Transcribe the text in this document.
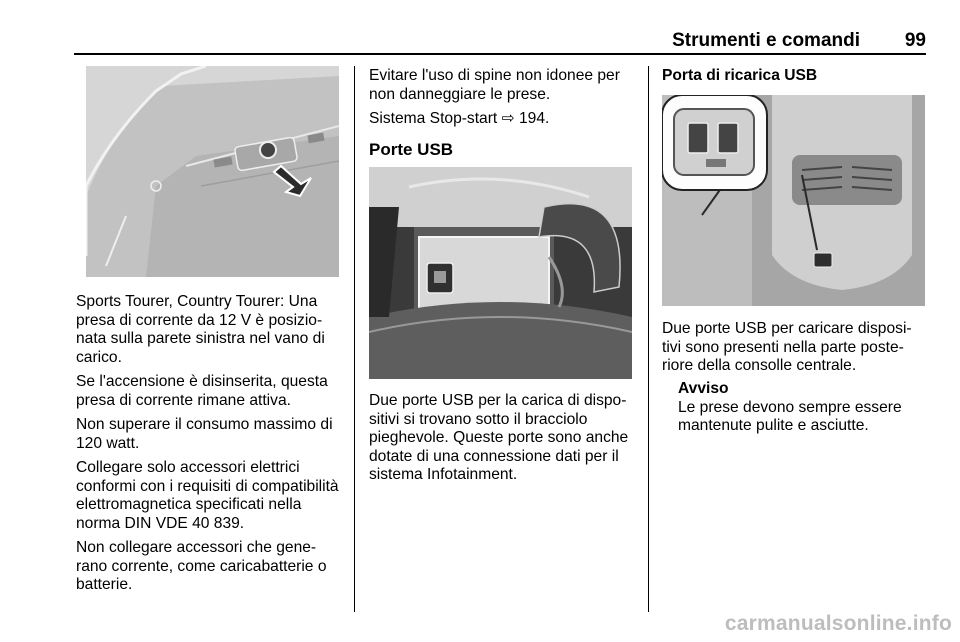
Strumenti e comandi	99

Sports Tourer, Country Tourer: Una presa di corrente da 12 V è posizio‐nata sulla parete sinistra nel vano di carico.

Se l'accensione è disinserita, questa presa di corrente rimane attiva.

Non superare il consumo massimo di 120 watt.

Collegare solo accessori elettrici conformi con i requisiti di compatibilità elettromagnetica specificati nella norma DIN VDE 40 839.

Non collegare accessori che gene‐rano corrente, come caricabatterie o batterie.

Evitare l'uso di spine non idonee per non danneggiare le prese.

Sistema Stop-start ⇨ 194.

Porte USB

Due porte USB per la carica di dispo‐sitivi si trovano sotto il bracciolo pieghevole. Queste porte sono anche dotate di una connessione dati per il sistema Infotainment.

Porta di ricarica USB

Due porte USB per caricare disposi‐tivi sono presenti nella parte poste‐riore della consolle centrale.

Avviso

Le prese devono sempre essere mantenute pulite e asciutte.

carmanualsonline.info
